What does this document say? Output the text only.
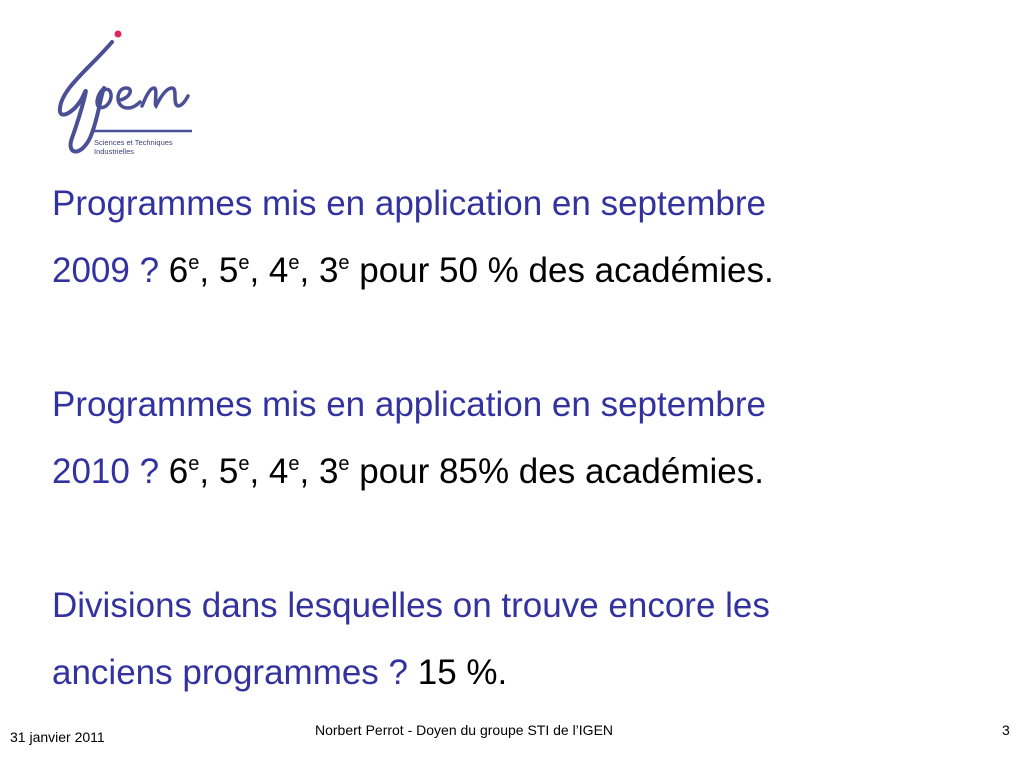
Sciences et Techniques
Industrielles
Programmes mis en application en septembre
2009 ? 6e, 5e, 4e, 3e pour 50 % des académies.
Programmes mis en application en septembre
2010 ? 6e, 5e, 4e, 3e pour 85% des académies.
Divisions dans lesquelles on trouve encore les
anciens programmes ? 15 %.
31 janvier 2011	Norbert Perrot - Doyen du groupe STI de l’IGEN	3
